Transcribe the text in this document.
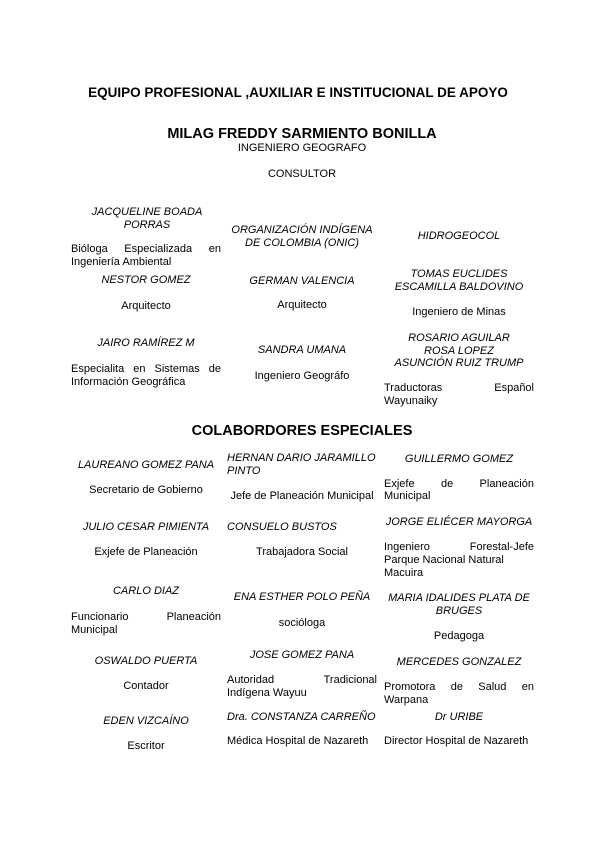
EQUIPO PROFESIONAL ,AUXILIAR E INSTITUCIONAL DE APOYO
MILAG FREDDY SARMIENTO BONILLA
INGENIERO GEOGRAFO
CONSULTOR
JACQUELINE BOADA PORRAS
Bióloga Especializada en
Ingeniería Ambiental
ORGANIZACIÓN INDÍGENA DE COLOMBIA (ONIC)
HIDROGEOCOL
NESTOR GOMEZ
Arquitecto
GERMAN VALENCIA
Arquitecto
TOMAS EUCLIDES ESCAMILLA BALDOVINO
Ingeniero de Minas
JAIRO RAMÍREZ M
Especialita en Sistemas de
Información Geográfica
SANDRA UMANA
Ingeniero Geográfo
ROSARIO AGUILAR
ROSA LOPEZ
ASUNCIÓN RUIZ TRUMP
Traductoras Español
Wayunaiky
COLABORDORES ESPECIALES
LAUREANO GOMEZ PANA
Secretario de Gobierno
HERNAN DARIO JARAMILLO PINTO
Jefe de Planeación Municipal
GUILLERMO GOMEZ
Exjefe de Planeación
Municipal
JULIO CESAR PIMIENTA
Exjefe de Planeación
CONSUELO BUSTOS
Trabajadora Social
JORGE ELIÉCER MAYORGA
Ingeniero Forestal-Jefe Parque Nacional Natural
Macuira
CARLO DIAZ
Funcionario Planeación
Municipal
ENA ESTHER POLO PEÑA
socióloga
MARIA IDALIDES PLATA DE BRUGES
Pedagoga
OSWALDO PUERTA
Contador
JOSE GOMEZ PANA
Autoridad Tradicional
Indígena Wayuu
MERCEDES GONZALEZ
Promotora de Salud en
Warpana
EDEN VIZCAÍNO
Escritor
Dra. CONSTANZA CARREÑO
Médica Hospital de Nazareth
Dr URIBE
Director Hospital de Nazareth
